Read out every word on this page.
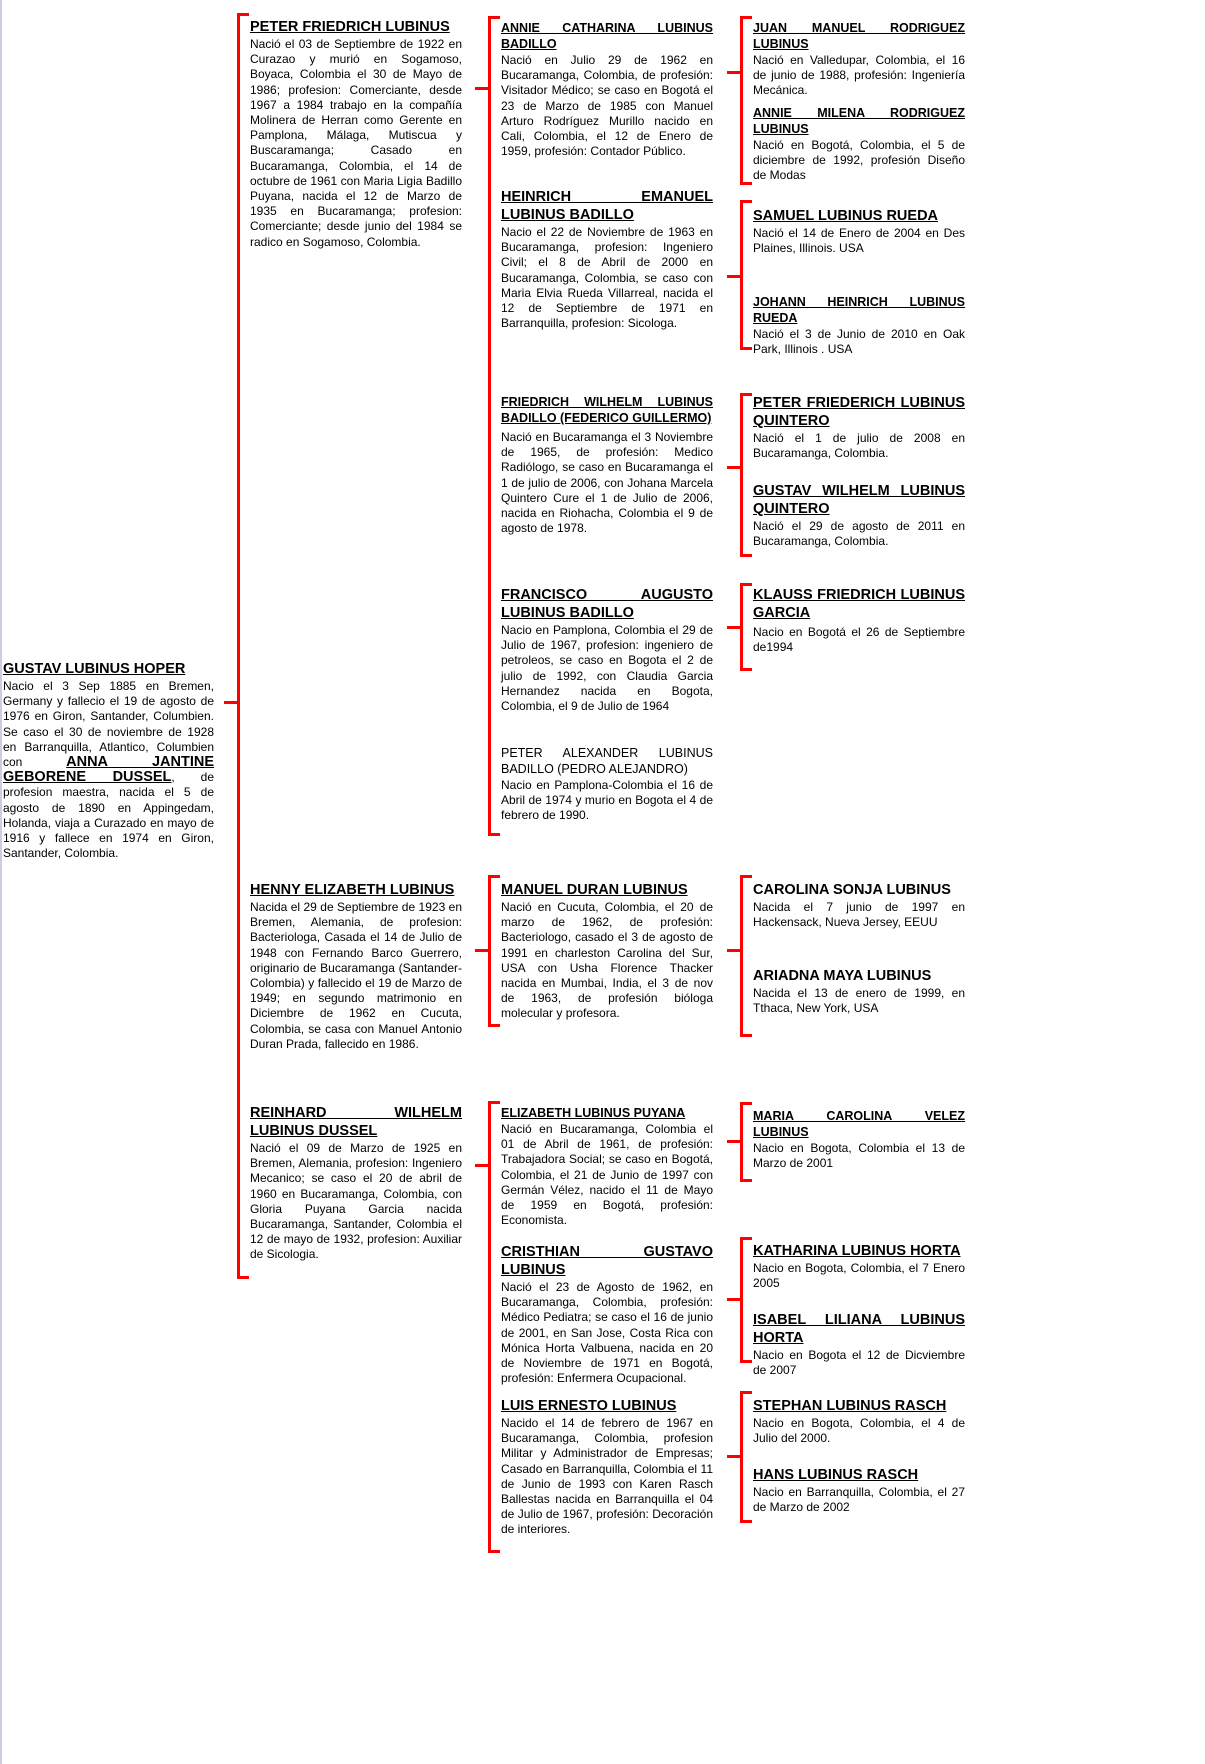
GUSTAV LUBINUS HOPER
Nacio el 3 Sep 1885 en Bremen, Germany y fallecio el 19 de agosto de 1976 en Giron, Santander, Columbien. Se caso el 30 de noviembre de 1928 en Barranquilla, Atlantico, Columbien con ANNA JANTINE GEBORENE DUSSEL, de profesion maestra, nacida el 5 de agosto de 1890 en Appingedam, Holanda, viaja a Curazado en mayo de 1916 y fallece en 1974 en Giron, Santander, Colombia.
PETER FRIEDRICH LUBINUS
Nació el 03 de Septiembre de 1922 en Curazao y murió en Sogamoso, Boyaca, Colombia el 30 de Mayo de 1986; profesion: Comerciante, desde 1967 a 1984 trabajo en la compañía Molinera de Herran como Gerente en Pamplona, Málaga, Mutiscua y Buscaramanga; Casado en Bucaramanga, Colombia, el 14 de octubre de 1961 con Maria Ligia Badillo Puyana, nacida el 12 de Marzo de 1935 en Bucaramanga; profesion: Comerciante; desde junio del 1984 se radico en Sogamoso, Colombia.
HENNY ELIZABETH LUBINUS
Nacida el 29 de Septiembre de 1923 en Bremen, Alemania, de profesion: Bacteriologa, Casada el 14 de Julio de 1948 con Fernando Barco Guerrero, originario de Bucaramanga (Santander-Colombia) y fallecido el 19 de Marzo de 1949; en segundo matrimonio en Diciembre de 1962 en Cucuta, Colombia, se casa con Manuel Antonio Duran Prada, fallecido en 1986.
REINHARD WILHELM LUBINUS DUSSEL
Nació el 09 de Marzo de 1925 en Bremen, Alemania, profesion: Ingeniero Mecanico; se caso el 20 de abril de 1960 en Bucaramanga, Colombia, con Gloria Puyana Garcia nacida Bucaramanga, Santander, Colombia el 12 de mayo de 1932, profesion: Auxiliar de Sicologia.
ANNIE CATHARINA LUBINUS BADILLO
Nació en Julio 29 de 1962 en Bucaramanga, Colombia, de profesión: Visitador Médico; se caso en Bogotá el 23 de Marzo de 1985 con Manuel Arturo Rodríguez Murillo nacido en Cali, Colombia, el 12 de Enero de 1959, profesión: Contador Público.
HEINRICH EMANUEL LUBINUS BADILLO
Nacio el 22 de Noviembre de 1963 en Bucaramanga, profesion: Ingeniero Civil; el 8 de Abril de 2000 en Bucaramanga, Colombia, se caso con Maria Elvia Rueda Villarreal, nacida el 12 de Septiembre de 1971 en Barranquilla, profesion: Sicologa.
FRIEDRICH WILHELM LUBINUS BADILLO (FEDERICO GUILLERMO)
Nació en Bucaramanga el 3 Noviembre de 1965, de profesión: Medico Radiólogo, se caso en Bucaramanga el 1 de julio de 2006, con Johana Marcela Quintero Cure el 1 de Julio de 2006, nacida en Riohacha, Colombia el 9 de agosto de 1978.
FRANCISCO AUGUSTO LUBINUS BADILLO
Nacio en Pamplona, Colombia el 29 de Julio de 1967, profesion: ingeniero de petroleos, se caso en Bogota el 2 de julio de 1992, con Claudia Garcia Hernandez nacida en Bogota, Colombia, el 9 de Julio de 1964
PETER ALEXANDER LUBINUS BADILLO (PEDRO ALEJANDRO)
Nacio en Pamplona-Colombia el 16 de Abril de 1974 y murio en Bogota el 4 de febrero de 1990.
MANUEL DURAN LUBINUS
Nació en Cucuta, Colombia, el 20 de marzo de 1962, de profesión: Bacteriologo, casado el 3 de agosto de 1991 en charleston Carolina del Sur, USA con Usha Florence Thacker nacida en Mumbai, India, el 3 de nov de 1963, de profesión bióloga molecular y profesora.
ELIZABETH LUBINUS PUYANA
Nació en Bucaramanga, Colombia el 01 de Abril de 1961, de profesión: Trabajadora Social; se caso en Bogotá, Colombia, el 21 de Junio de 1997 con Germán Vélez, nacido el 11 de Mayo de 1959 en Bogotá, profesión: Economista.
CRISTHIAN GUSTAVO LUBINUS
Nació el 23 de Agosto de 1962, en Bucaramanga, Colombia, profesión: Médico Pediatra; se caso el 16 de junio de 2001, en San Jose, Costa Rica con Mónica Horta Valbuena, nacida en 20 de Noviembre de 1971 en Bogotá, profesión: Enfermera Ocupacional.
LUIS ERNESTO LUBINUS
Nacido el 14 de febrero de 1967 en Bucaramanga, Colombia, profesion Militar y Administrador de Empresas; Casado en Barranquilla, Colombia el 11 de Junio de 1993 con Karen Rasch Ballestas nacida en Barranquilla el 04 de Julio de 1967, profesión: Decoración de interiores.
JUAN MANUEL RODRIGUEZ LUBINUS
Nació en Valledupar, Colombia, el 16 de junio de 1988, profesión: Ingeniería Mecánica.
ANNIE MILENA RODRIGUEZ LUBINUS
Nació en Bogotá, Colombia, el 5 de diciembre de 1992, profesión Diseño de Modas
SAMUEL LUBINUS RUEDA
Nació el 14 de Enero de 2004 en Des Plaines, Illinois. USA
JOHANN HEINRICH LUBINUS RUEDA
Nació el 3 de Junio de 2010 en Oak Park, Illinois . USA
PETER FRIEDERICH LUBINUS QUINTERO
Nació el 1 de julio de 2008 en Bucaramanga, Colombia.
GUSTAV WILHELM LUBINUS QUINTERO
Nació el 29 de agosto de 2011 en Bucaramanga, Colombia.
KLAUSS FRIEDRICH LUBINUS GARCIA
Nacio en Bogotá el 26 de Septiembre de1994
CAROLINA SONJA LUBINUS
Nacida el 7 junio de 1997 en Hackensack, Nueva Jersey, EEUU
ARIADNA MAYA LUBINUS
Nacida el 13 de enero de 1999, en Tthaca, New York, USA
MARIA CAROLINA VELEZ LUBINUS
Nacio en Bogota, Colombia el 13 de Marzo de 2001
KATHARINA LUBINUS HORTA
Nacio en Bogota, Colombia, el 7 Enero 2005
ISABEL LILIANA LUBINUS HORTA
Nacio en Bogota el 12 de Dicviembre de 2007
STEPHAN LUBINUS RASCH
Nacio en Bogota, Colombia, el 4 de Julio del 2000.
HANS LUBINUS RASCH
Nacio en Barranquilla, Colombia, el 27 de Marzo de 2002
